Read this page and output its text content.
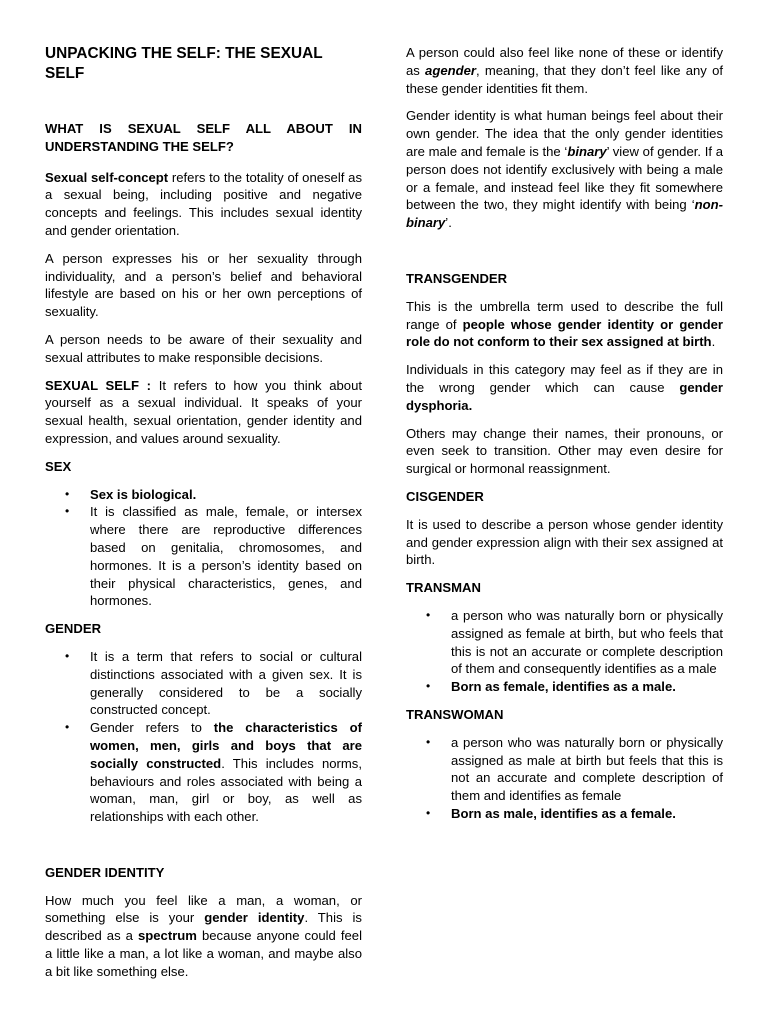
UNPACKING THE SELF: THE SEXUAL SELF
WHAT IS SEXUAL SELF ALL ABOUT IN UNDERSTANDING THE SELF?

Sexual self-concept refers to the totality of oneself as a sexual being, including positive and negative concepts and feelings. This includes sexual identity and gender orientation.

A person expresses his or her sexuality through individuality, and a person’s belief and behavioral lifestyle are based on his or her own perceptions of sexuality.

A person needs to be aware of their sexuality and sexual attributes to make responsible decisions.

SEXUAL SELF : It refers to how you think about yourself as a sexual individual. It speaks of your sexual health, sexual orientation, gender identity and expression, and values around sexuality.

SEX
• Sex is biological.
• It is classified as male, female, or intersex where there are reproductive differences based on genitalia, chromosomes, and hormones. It is a person’s identity based on their physical characteristics, genes, and hormones.
GENDER
• It is a term that refers to social or cultural distinctions associated with a given sex. It is generally considered to be a socially constructed concept.
• Gender refers to the characteristics of women, men, girls and boys that are socially constructed. This includes norms, behaviours and roles associated with being a woman, man, girl or boy, as well as relationships with each other.
GENDER IDENTITY

How much you feel like a man, a woman, or something else is your gender identity. This is described as a spectrum because anyone could feel a little like a man, a lot like a woman, and maybe also a bit like something else.

A person could also feel like none of these or identify as agender, meaning, that they don’t feel like any of these gender identities fit them.

Gender identity is what human beings feel about their own gender. The idea that the only gender identities are male and female is the ‘binary’ view of gender. If a person does not identify exclusively with being a male or a female, and instead feel like they fit somewhere between the two, they might identify with being ‘non-binary’.

TRANSGENDER

This is the umbrella term used to describe the full range of people whose gender identity or gender role do not conform to their sex assigned at birth.

Individuals in this category may feel as if they are in the wrong gender which can cause gender dysphoria.

Others may change their names, their pronouns, or even seek to transition. Other may even desire for surgical or hormonal reassignment.

CISGENDER

It is used to describe a person whose gender identity and gender expression align with their sex assigned at birth.

TRANSMAN
• a person who was naturally born or physically assigned as female at birth, but who feels that this is not an accurate or complete description of them and consequently identifies as a male
• Born as female, identifies as a male.
TRANSWOMAN
• a person who was naturally born or physically assigned as male at birth but feels that this is not an accurate and complete description of them and identifies as female
• Born as male, identifies as a female.
